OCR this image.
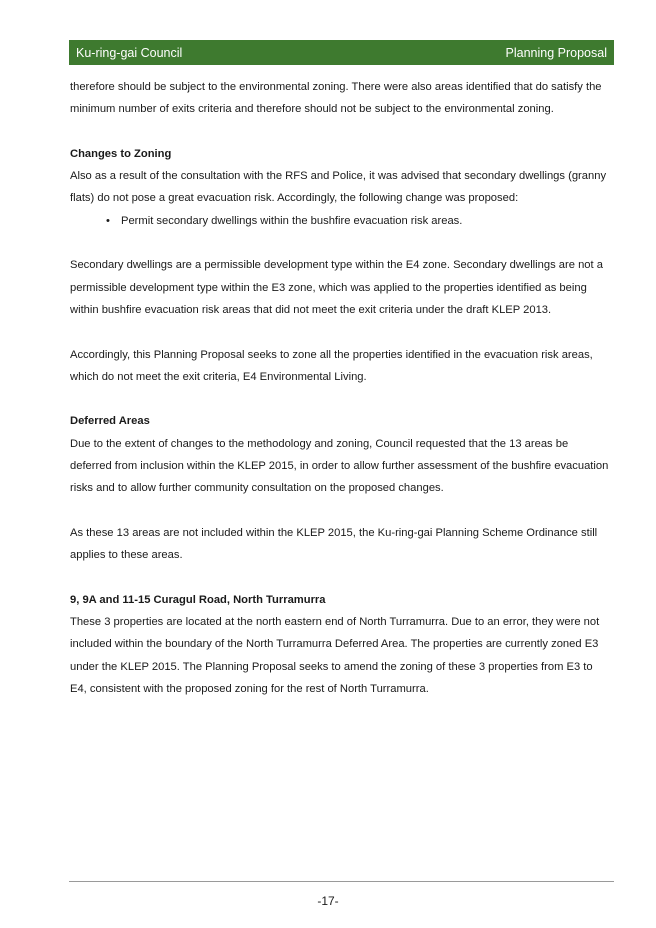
Ku-ring-gai Council	Planning Proposal

therefore should be subject to the environmental zoning. There were also areas identified that do satisfy the minimum number of exits criteria and therefore should not be subject to the environmental zoning.

Changes to Zoning

Also as a result of the consultation with the RFS and Police, it was advised that secondary dwellings (granny flats) do not pose a great evacuation risk. Accordingly, the following change was proposed:

• Permit secondary dwellings within the bushfire evacuation risk areas.

Secondary dwellings are a permissible development type within the E4 zone. Secondary dwellings are not a permissible development type within the E3 zone, which was applied to the properties identified as being within bushfire evacuation risk areas that did not meet the exit criteria under the draft KLEP 2013.

Accordingly, this Planning Proposal seeks to zone all the properties identified in the evacuation risk areas, which do not meet the exit criteria, E4 Environmental Living.

Deferred Areas

Due to the extent of changes to the methodology and zoning, Council requested that the 13 areas be deferred from inclusion within the KLEP 2015, in order to allow further assessment of the bushfire evacuation risks and to allow further community consultation on the proposed changes.

As these 13 areas are not included within the KLEP 2015, the Ku-ring-gai Planning Scheme Ordinance still applies to these areas.

9, 9A and 11-15 Curagul Road, North Turramurra

These 3 properties are located at the north eastern end of North Turramurra. Due to an error, they were not included within the boundary of the North Turramurra Deferred Area. The properties are currently zoned E3 under the KLEP 2015. The Planning Proposal seeks to amend the zoning of these 3 properties from E3 to E4, consistent with the proposed zoning for the rest of North Turramurra.

-17-
